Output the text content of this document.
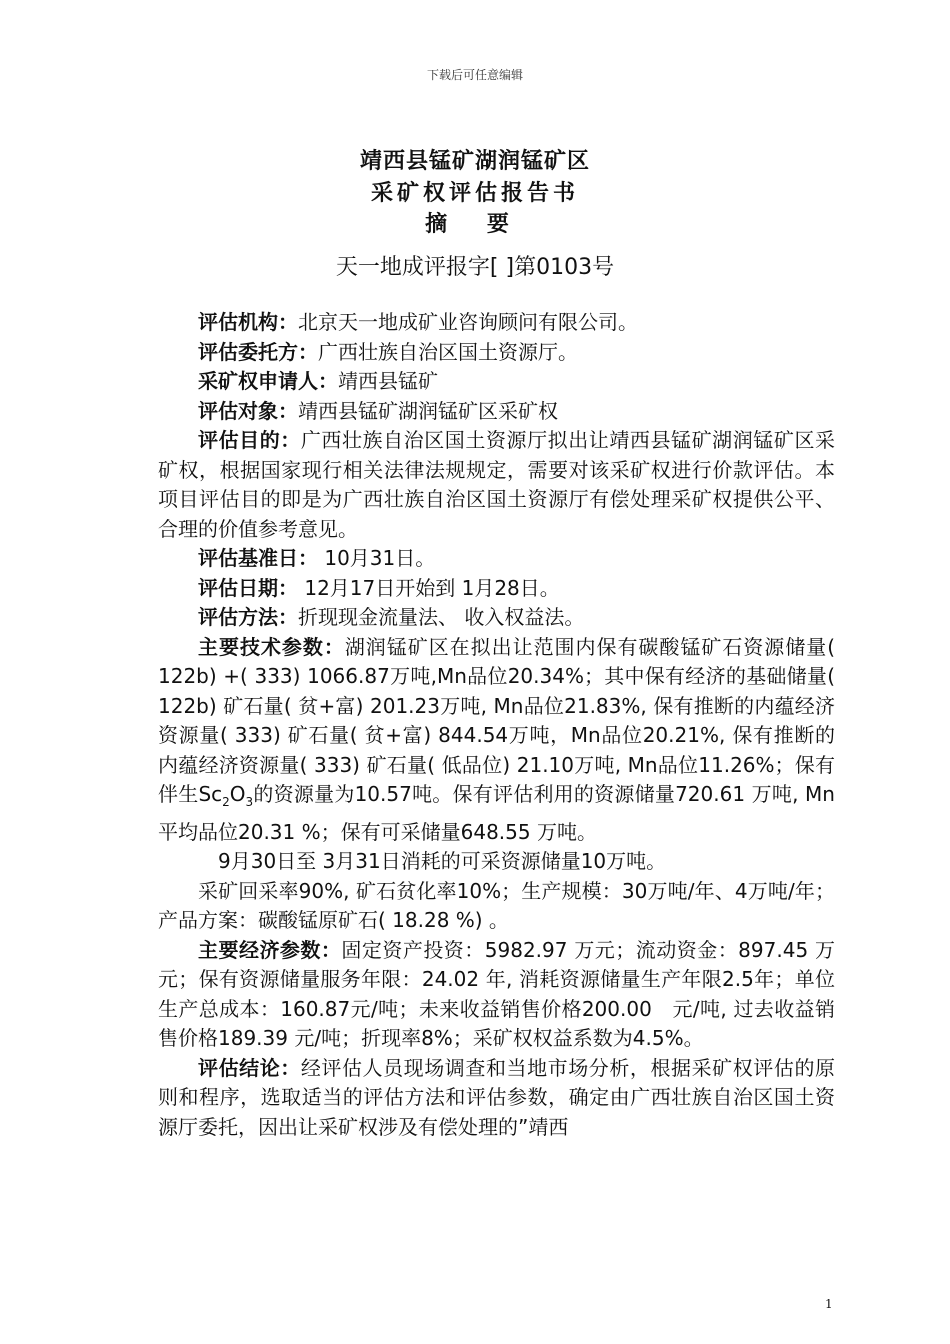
下载后可任意编辑
靖西县锰矿湖润锰矿区
采矿权评估报告书
摘 要
天一地成评报字[ ]第0103号

评估机构：北京天一地成矿业咨询顾问有限公司。

评估委托方：广西壮族自治区国土资源厅。

采矿权申请人：靖西县锰矿

评估对象：靖西县锰矿湖润锰矿区采矿权

评估目的：广西壮族自治区国土资源厅拟出让靖西县锰矿湖润锰矿区采矿权，根据国家现行相关法律法规规定，需要对该采矿权进行价款评估。本项目评估目的即是为广西壮族自治区国土资源厅有偿处理采矿权提供公平、 合理的价值参考意见。

评估基准日： 10月31日。

评估日期： 12月17日开始到 1月28日。

评估方法：折现现金流量法、 收入权益法。

主要技术参数：湖润锰矿区在拟出让范围内保有碳酸锰矿石资源储量( 122b) +( 333) 1066.87万吨,Mn品位20.34%；其中保有经济的基础储量( 122b) 矿石量( 贫+富) 201.23万吨, Mn品位21.83%, 保有推断的内蕴经济资源量( 333) 矿石量( 贫+富) 844.54万吨，Mn品位20.21%, 保有推断的内蕴经济资源量( 333) 矿石量( 低品位) 21.10万吨, Mn品位11.26%；保有伴生$Sc_2O_3$的资源量为10.57吨。保有评估利用的资源储量720.61 万吨, Mn平均品位20.31 %；保有可采储量648.55 万吨。

9月30日至 3月31日消耗的可采资源储量10万吨。

采矿回采率90%, 矿石贫化率10%；生产规模：30万吨/年、4万吨/年；产品方案：碳酸锰原矿石( 18.28 %) 。

主要经济参数：固定资产投资：5982.97 万元；流动资金：897.45 万元；保有资源储量服务年限：24.02 年, 消耗资源储量生产年限2.5年；单位生产总成本：160.87元/吨；未来收益销售价格200.00　元/吨, 过去收益销售价格189.39 元/吨；折现率8%；采矿权权益系数为4.5%。

评估结论：经评估人员现场调查和当地市场分析，根据采矿权评估的原则和程序，选取适当的评估方法和评估参数，确定由广西壮族自治区国土资源厅委托，因出让采矿权涉及有偿处理的”靖西

1
